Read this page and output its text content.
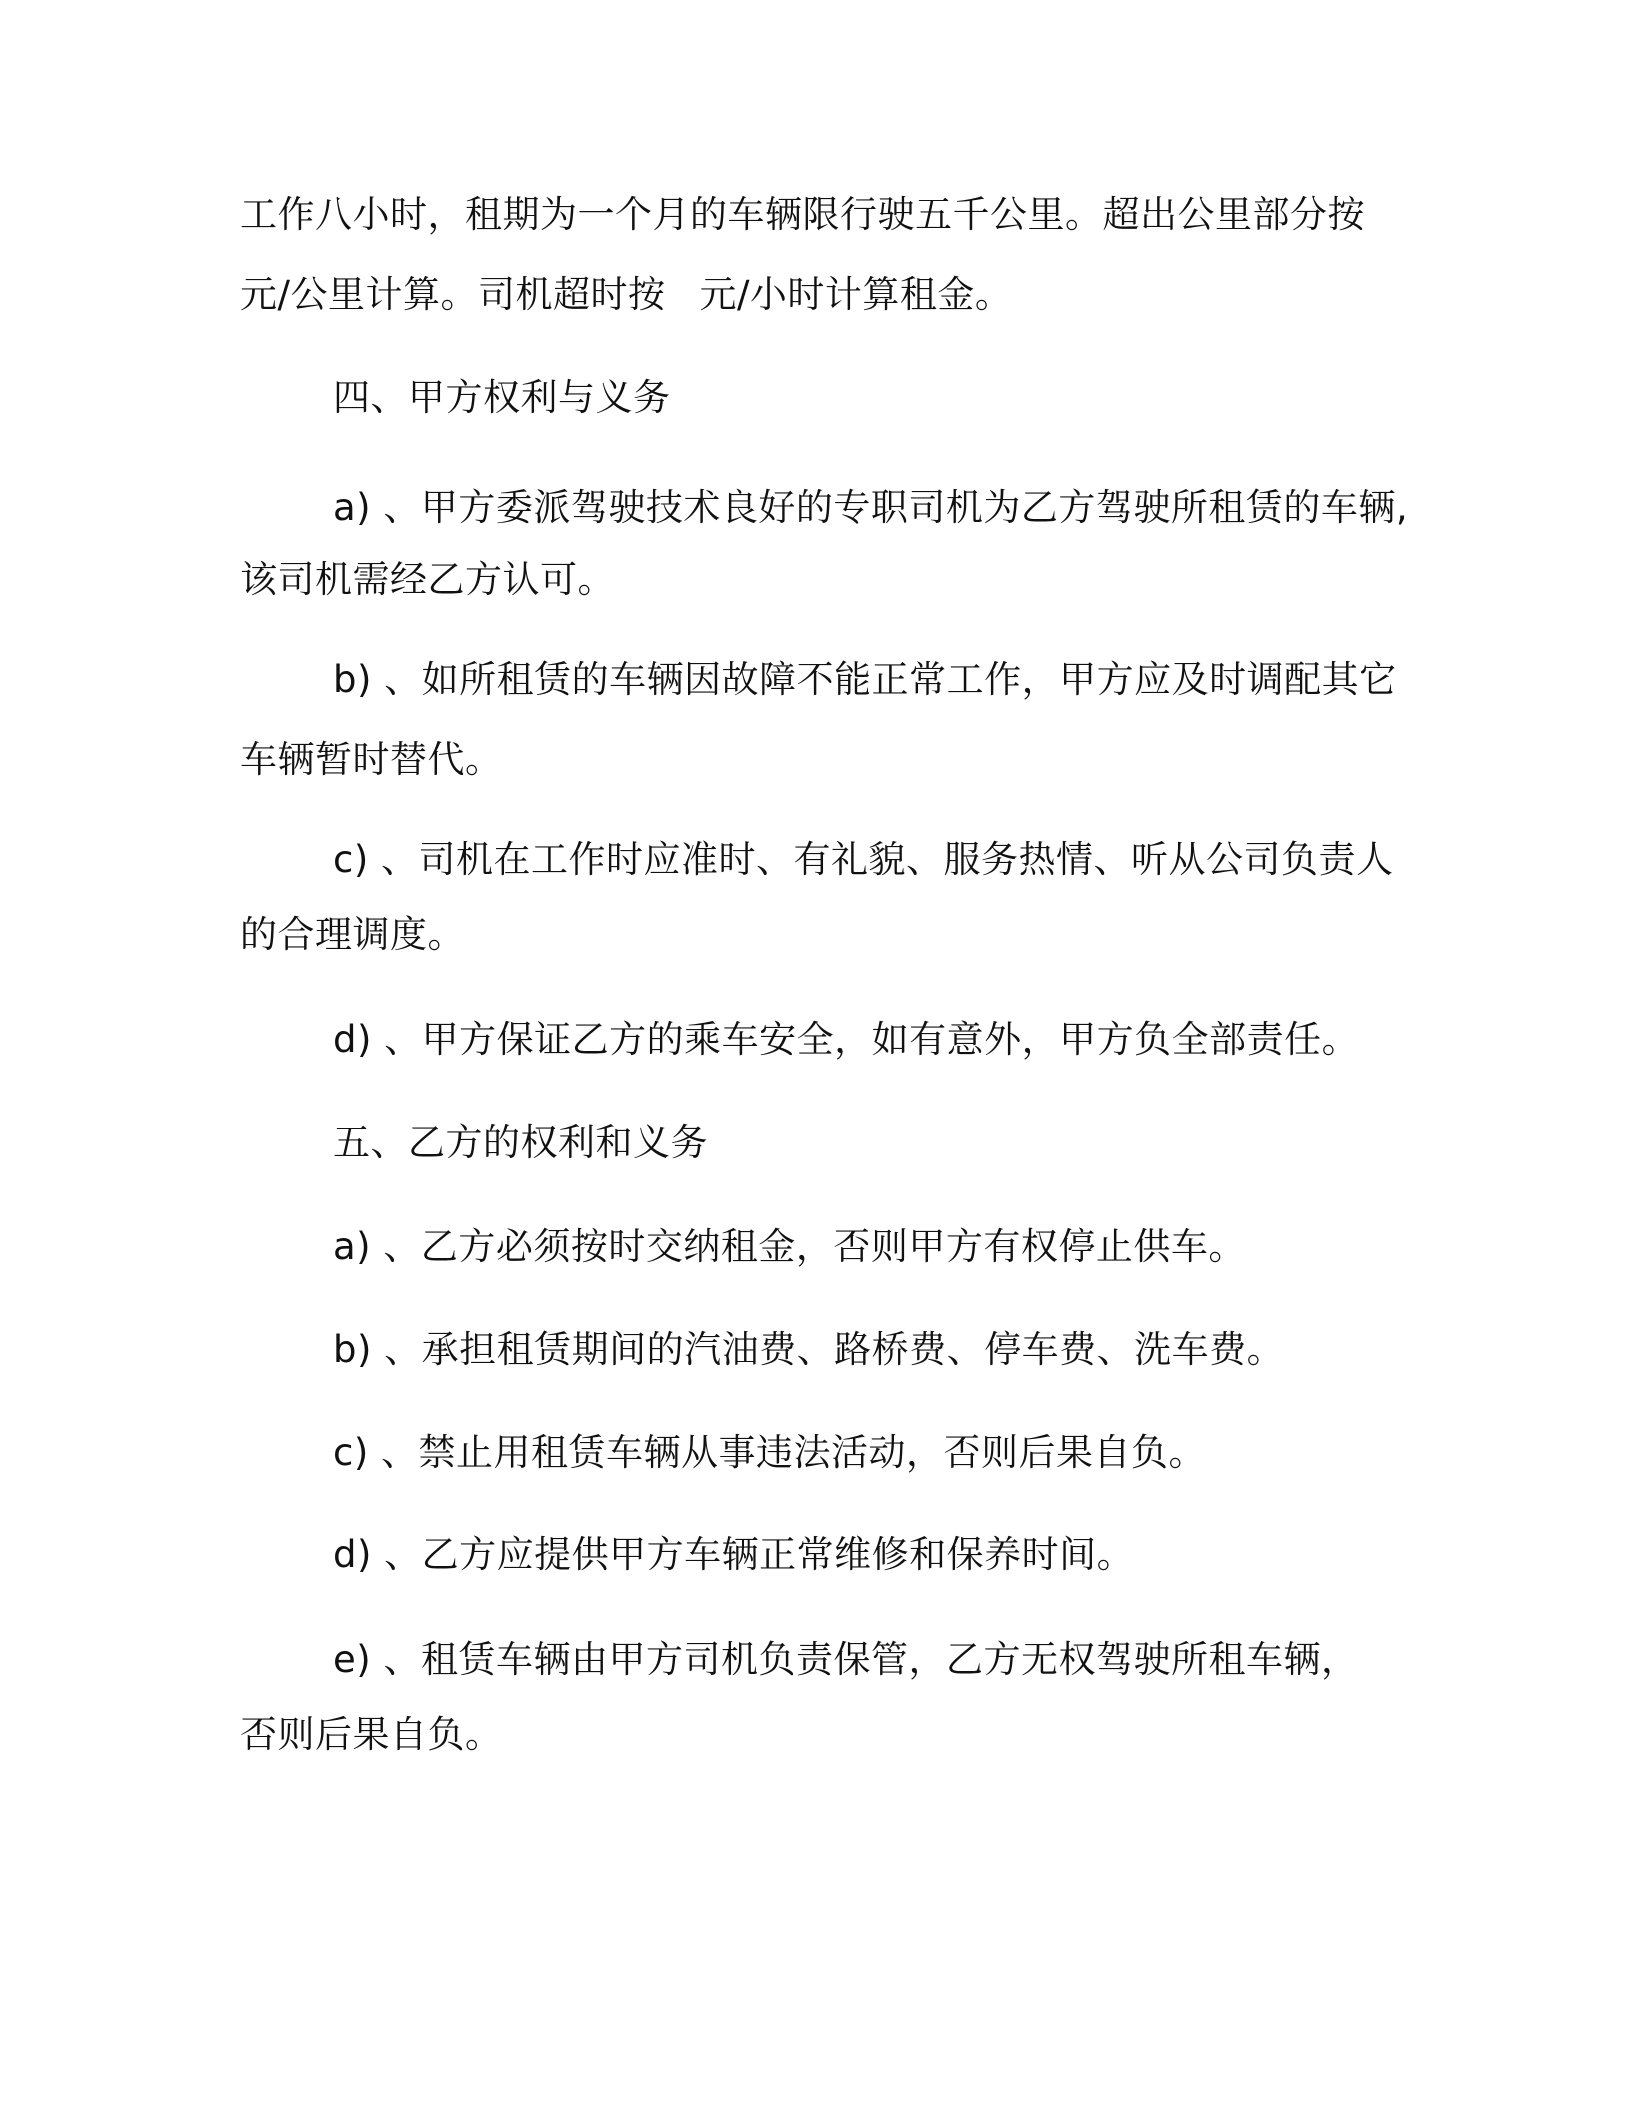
工作八小时，租期为一个月的车辆限行驶五千公里。超出公里部分按
元/公里计算。司机超时按 元/小时计算租金。
四、甲方权利与义务
a) 、甲方委派驾驶技术良好的专职司机为乙方驾驶所租赁的车辆,
该司机需经乙方认可。
b) 、如所租赁的车辆因故障不能正常工作，甲方应及时调配其它
车辆暂时替代。
c) 、司机在工作时应准时、有礼貌、服务热情、听从公司负责人
的合理调度。
d) 、甲方保证乙方的乘车安全，如有意外，甲方负全部责任。
五、乙方的权利和义务
a) 、乙方必须按时交纳租金，否则甲方有权停止供车。
b) 、承担租赁期间的汽油费、路桥费、停车费、洗车费。
c) 、禁止用租赁车辆从事违法活动，否则后果自负。
d) 、乙方应提供甲方车辆正常维修和保养时间。
e) 、租赁车辆由甲方司机负责保管，乙方无权驾驶所租车辆，
否则后果自负。
